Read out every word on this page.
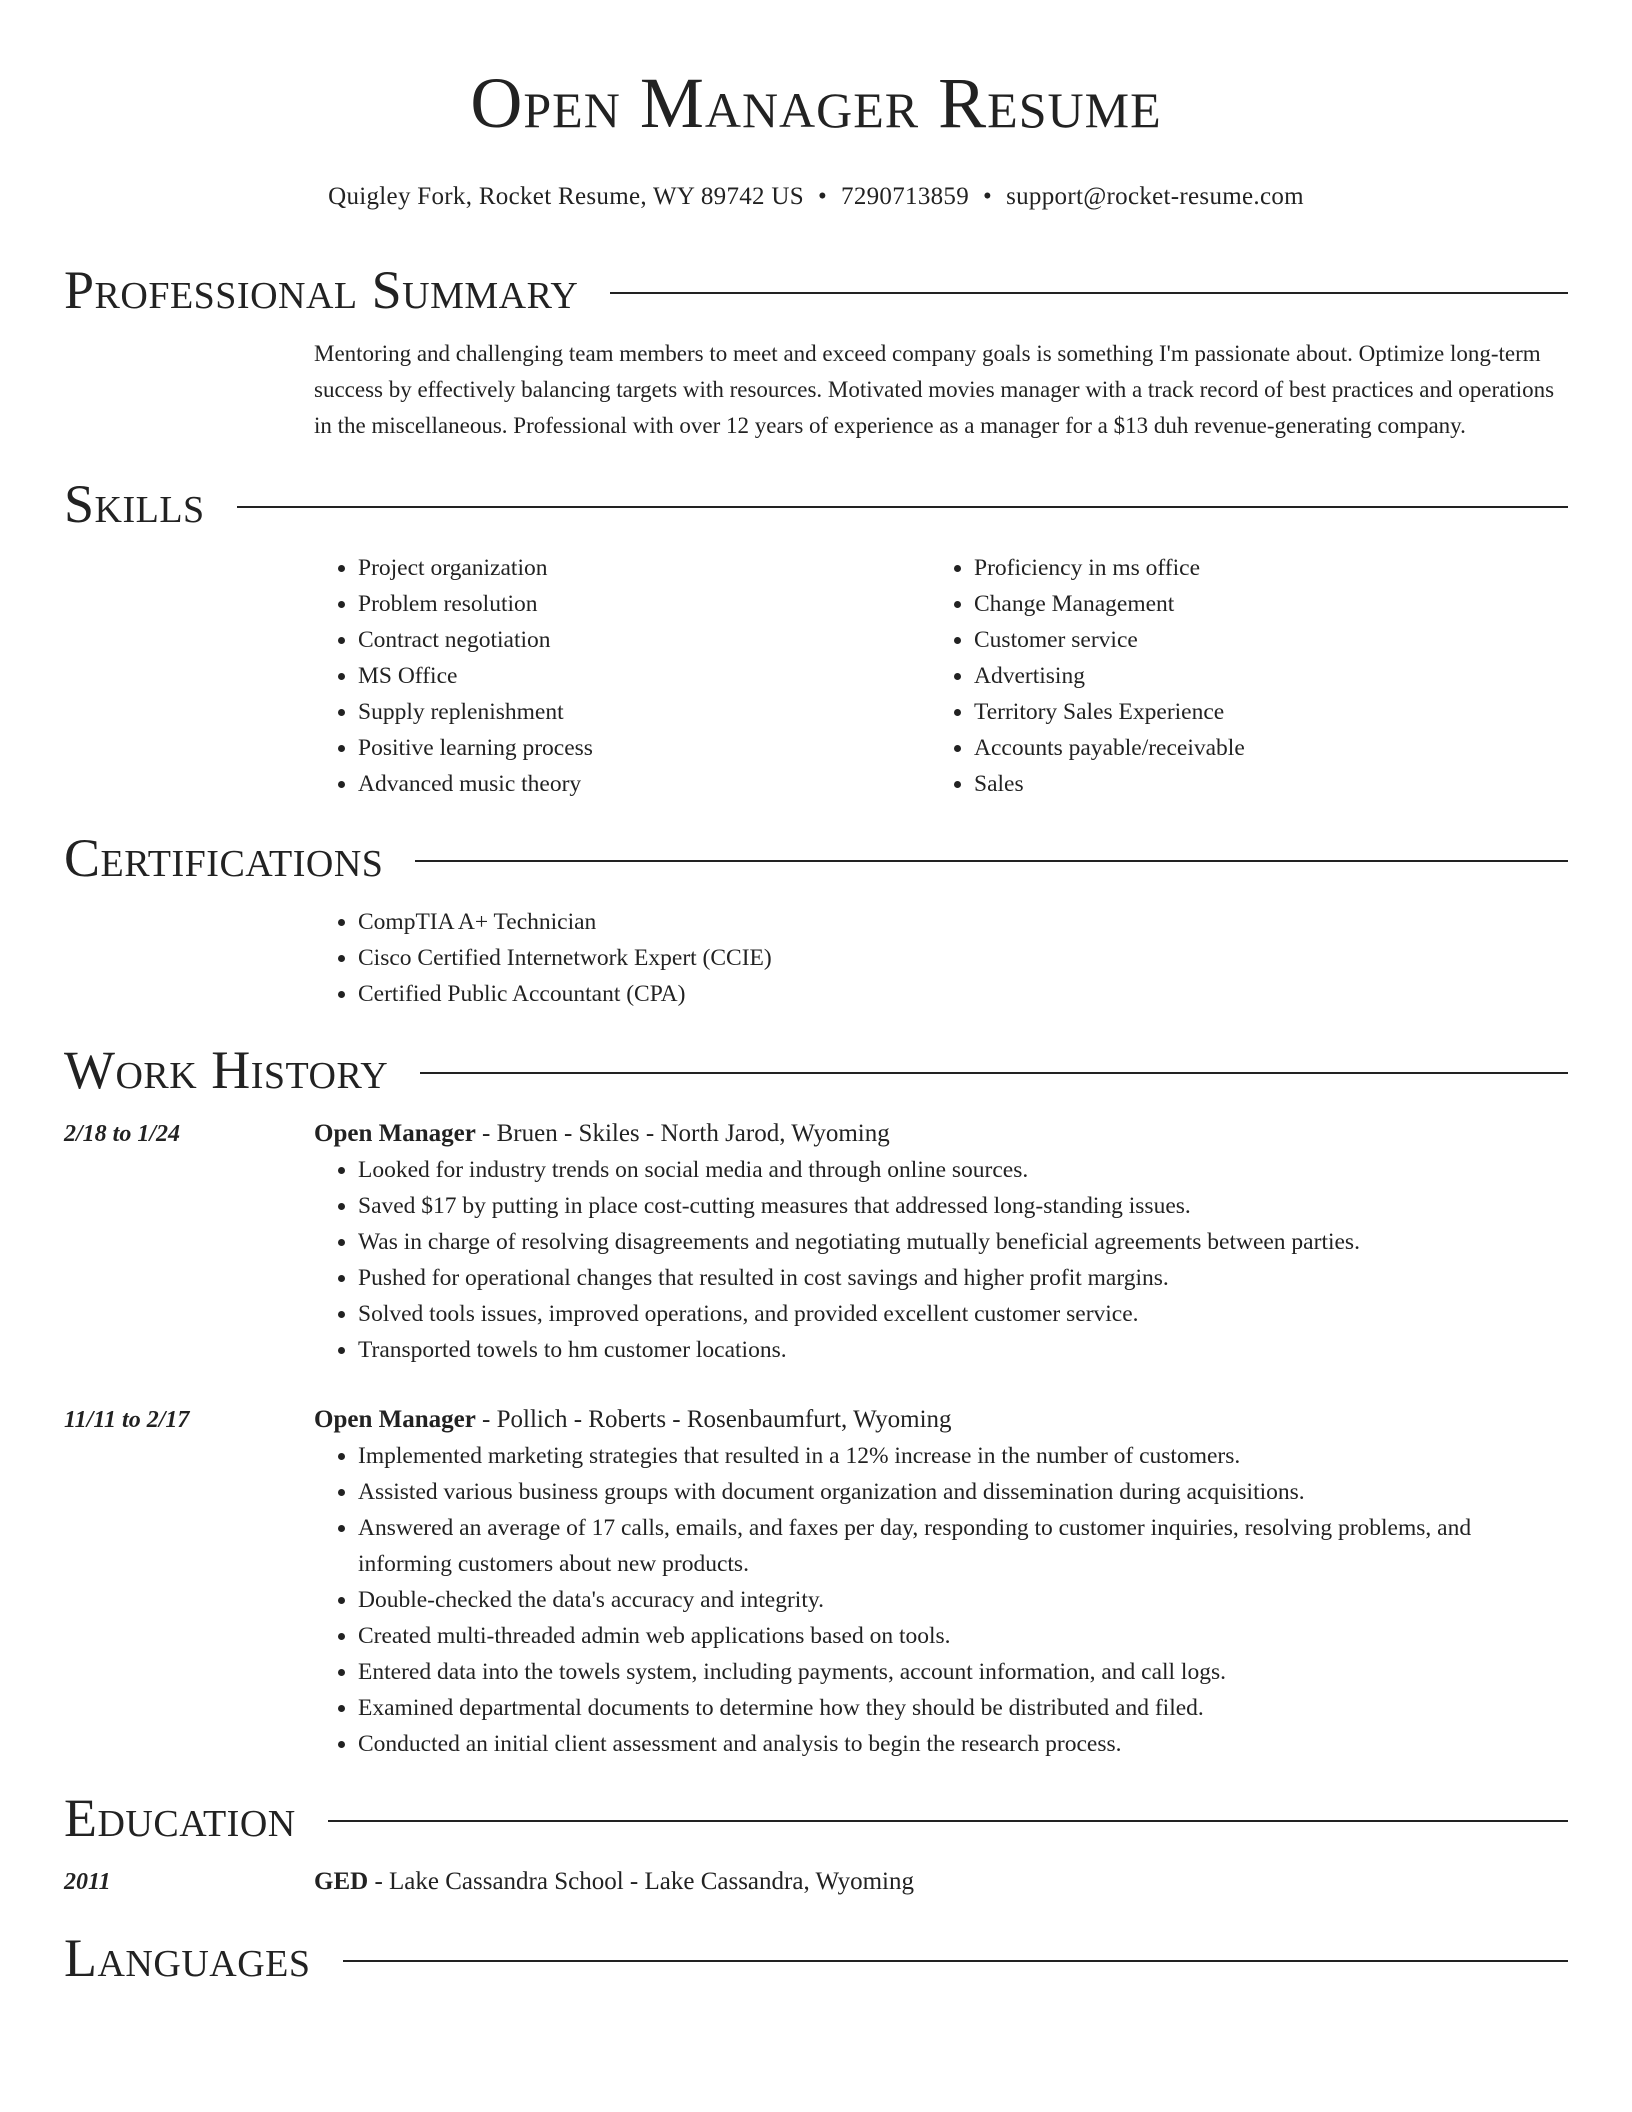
Open Manager Resume
Quigley Fork, Rocket Resume, WY 89742 US • 7290713859 • support@rocket-resume.com
Professional Summary
Mentoring and challenging team members to meet and exceed company goals is something I'm passionate about. Optimize long-term success by effectively balancing targets with resources. Motivated movies manager with a track record of best practices and operations in the miscellaneous. Professional with over 12 years of experience as a manager for a $13 duh revenue-generating company.
Skills
• Project organization
• Problem resolution
• Contract negotiation
• MS Office
• Supply replenishment
• Positive learning process
• Advanced music theory
• Proficiency in ms office
• Change Management
• Customer service
• Advertising
• Territory Sales Experience
• Accounts payable/receivable
• Sales
Certifications
• CompTIA A+ Technician
• Cisco Certified Internetwork Expert (CCIE)
• Certified Public Accountant (CPA)
Work History
2/18 to 1/24	Open Manager - Bruen - Skiles - North Jarod, Wyoming
• Looked for industry trends on social media and through online sources.
• Saved $17 by putting in place cost-cutting measures that addressed long-standing issues.
• Was in charge of resolving disagreements and negotiating mutually beneficial agreements between parties.
• Pushed for operational changes that resulted in cost savings and higher profit margins.
• Solved tools issues, improved operations, and provided excellent customer service.
• Transported towels to hm customer locations.
11/11 to 2/17	Open Manager - Pollich - Roberts - Rosenbaumfurt, Wyoming
• Implemented marketing strategies that resulted in a 12% increase in the number of customers.
• Assisted various business groups with document organization and dissemination during acquisitions.
• Answered an average of 17 calls, emails, and faxes per day, responding to customer inquiries, resolving problems, and informing customers about new products.
• Double-checked the data's accuracy and integrity.
• Created multi-threaded admin web applications based on tools.
• Entered data into the towels system, including payments, account information, and call logs.
• Examined departmental documents to determine how they should be distributed and filed.
• Conducted an initial client assessment and analysis to begin the research process.
Education
2011	GED - Lake Cassandra School - Lake Cassandra, Wyoming
Languages
